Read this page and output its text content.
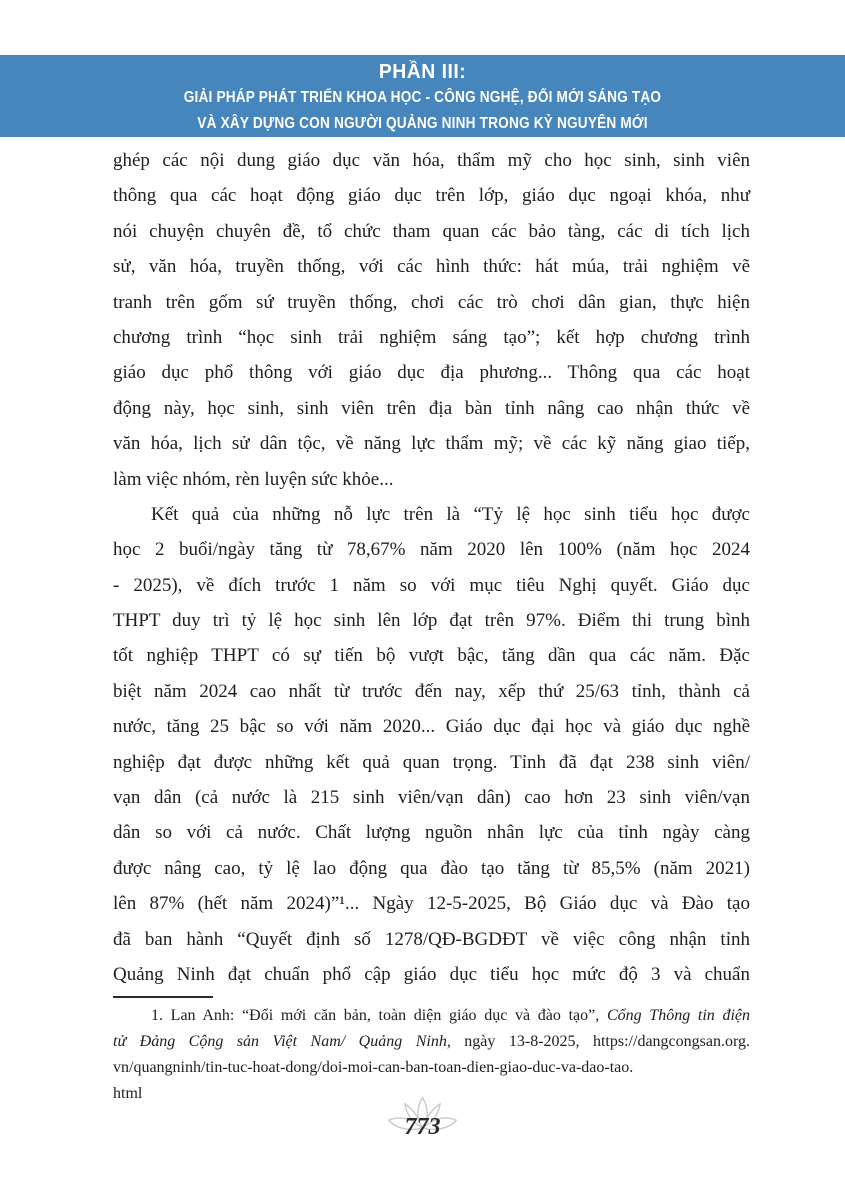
PHẦN III:
GIẢI PHÁP PHÁT TRIỂN KHOA HỌC - CÔNG NGHỆ, ĐỔI MỚI SÁNG TẠO
VÀ XÂY DỰNG CON NGƯỜI QUẢNG NINH TRONG KỶ NGUYÊN MỚI
ghép các nội dung giáo dục văn hóa, thẩm mỹ cho học sinh, sinh viên
thông qua các hoạt động giáo dục trên lớp, giáo dục ngoại khóa, như
nói chuyện chuyên đề, tổ chức tham quan các bảo tàng, các di tích lịch
sử, văn hóa, truyền thống, với các hình thức: hát múa, trải nghiệm vẽ
tranh trên gốm sứ truyền thống, chơi các trò chơi dân gian, thực hiện
chương trình “học sinh trải nghiệm sáng tạo”; kết hợp chương trình
giáo dục phổ thông với giáo dục địa phương... Thông qua các hoạt
động này, học sinh, sinh viên trên địa bàn tỉnh nâng cao nhận thức về
văn hóa, lịch sử dân tộc, về năng lực thẩm mỹ; về các kỹ năng giao tiếp,
làm việc nhóm, rèn luyện sức khỏe...
Kết quả của những nỗ lực trên là “Tỷ lệ học sinh tiểu học được
học 2 buổi/ngày tăng từ 78,67% năm 2020 lên 100% (năm học 2024
- 2025), về đích trước 1 năm so với mục tiêu Nghị quyết. Giáo dục
THPT duy trì tỷ lệ học sinh lên lớp đạt trên 97%. Điểm thi trung bình
tốt nghiệp THPT có sự tiến bộ vượt bậc, tăng dần qua các năm. Đặc
biệt năm 2024 cao nhất từ trước đến nay, xếp thứ 25/63 tỉnh, thành cả
nước, tăng 25 bậc so với năm 2020... Giáo dục đại học và giáo dục nghề
nghiệp đạt được những kết quả quan trọng. Tỉnh đã đạt 238 sinh viên/
vạn dân (cả nước là 215 sinh viên/vạn dân) cao hơn 23 sinh viên/vạn
dân so với cả nước. Chất lượng nguồn nhân lực của tỉnh ngày càng
được nâng cao, tỷ lệ lao động qua đào tạo tăng từ 85,5% (năm 2021)
lên 87% (hết năm 2024)”¹... Ngày 12-5-2025, Bộ Giáo dục và Đào tạo
đã ban hành “Quyết định số 1278/QĐ-BGDĐT về việc công nhận tỉnh
Quảng Ninh đạt chuẩn phổ cập giáo dục tiểu học mức độ 3 và chuẩn
1. Lan Anh: “Đổi mới căn bản, toàn diện giáo dục và đào tạo”, Cổng Thông tin điện
tử Đảng Cộng sản Việt Nam/ Quảng Ninh, ngày 13-8-2025, https://dangcongsan.org.
vn/quangninh/tin-tuc-hoat-dong/doi-moi-can-ban-toan-dien-giao-duc-va-dao-tao.
html
773
